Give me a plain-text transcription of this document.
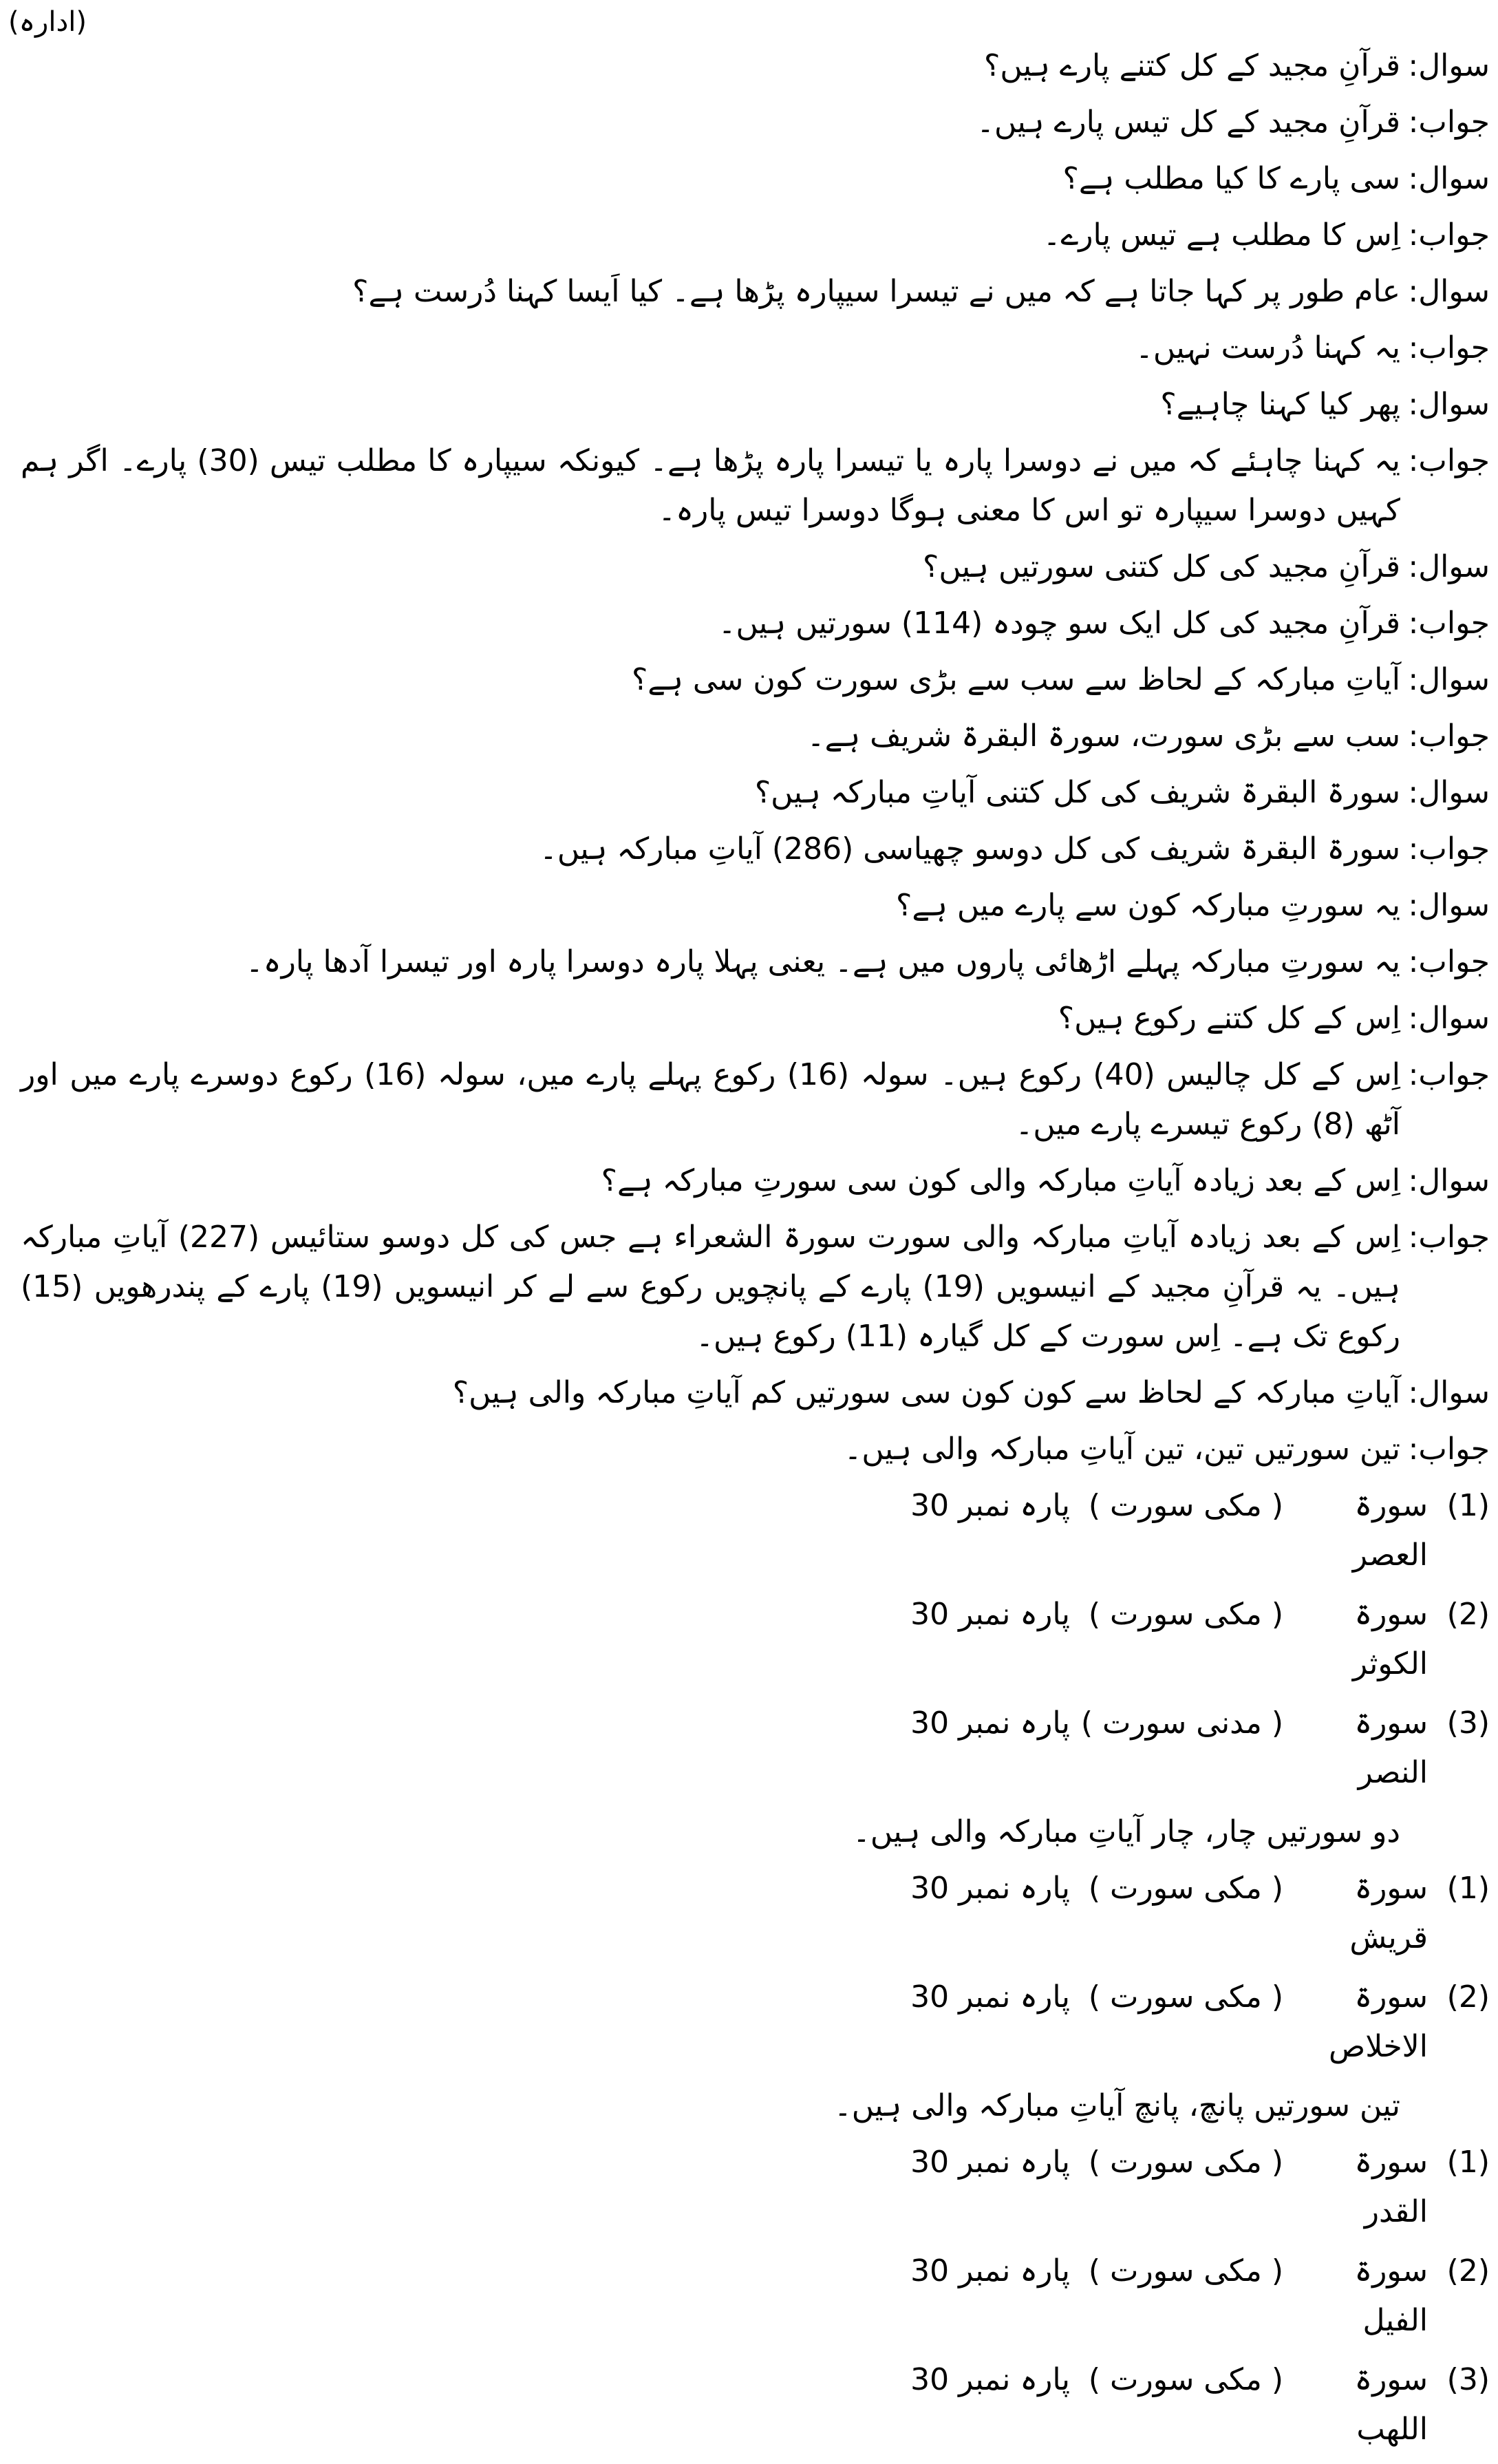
(ادارہ)
سوال:
قرآنِ مجید کے کل کتنے پارے ہیں؟
جواب:
قرآنِ مجید کے کل تیس پارے ہیں۔
سوال:
سی پارے کا کیا مطلب ہے؟
جواب:
اِس کا مطلب ہے تیس پارے۔
سوال:
عام طور پر کہا جاتا ہے کہ میں نے تیسرا سیپارہ پڑھا ہے۔ کیا اَیسا کہنا دُرست ہے؟
جواب:
یہ کہنا دُرست نہیں۔
سوال:
پھر کیا کہنا چاہیے؟
جواب:
یہ کہنا چاہئے کہ میں نے دوسرا پارہ یا تیسرا پارہ پڑھا ہے۔ کیونکہ سیپارہ کا مطلب تیس (30) پارے۔ اگر ہم کہیں دوسرا سیپارہ تو اس کا معنی ہوگا دوسرا تیس پارہ۔
سوال:
قرآنِ مجید کی کل کتنی سورتیں ہیں؟
جواب:
قرآنِ مجید کی کل ایک سو چودہ (114) سورتیں ہیں۔
سوال:
آیاتِ مبارکہ کے لحاظ سے سب سے بڑی سورت کون سی ہے؟
جواب:
سب سے بڑی سورت، سورۃ البقرۃ شریف ہے۔
سوال:
سورۃ البقرۃ شریف کی کل کتنی آیاتِ مبارکہ ہیں؟
جواب:
سورۃ البقرۃ شریف کی کل دوسو چھیاسی (286) آیاتِ مبارکہ ہیں۔
سوال:
یہ سورتِ مبارکہ کون سے پارے میں ہے؟
جواب:
یہ سورتِ مبارکہ پہلے اڑھائی پاروں میں ہے۔ یعنی پہلا پارہ دوسرا پارہ اور تیسرا آدھا پارہ۔
سوال:
اِس کے کل کتنے رکوع ہیں؟
جواب:
اِس کے کل چالیس (40) رکوع ہیں۔ سولہ (16) رکوع پہلے پارے میں، سولہ (16) رکوع دوسرے پارے میں اور آٹھ (8) رکوع تیسرے پارے میں۔
سوال:
اِس کے بعد زیادہ آیاتِ مبارکہ والی کون سی سورتِ مبارکہ ہے؟
جواب:
اِس کے بعد زیادہ آیاتِ مبارکہ والی سورت سورۃ الشعراء ہے جس کی کل دوسو ستائیس (227) آیاتِ مبارکہ ہیں۔ یہ قرآنِ مجید کے انیسویں (19) پارے کے پانچویں رکوع سے لے کر انیسویں (19) پارے کے پندرھویں (15) رکوع تک ہے۔ اِس سورت کے کل گیارہ (11) رکوع ہیں۔
سوال:
آیاتِ مبارکہ کے لحاظ سے کون کون سی سورتیں کم آیاتِ مبارکہ والی ہیں؟
جواب:
تین سورتیں تین، تین آیاتِ مبارکہ والی ہیں۔
(1)
سورۃ العصر
( مکی سورت )
پارہ نمبر 30
(2)
سورۃ الکوثر
( مکی سورت )
پارہ نمبر 30
(3)
سورۃ النصر
( مدنی سورت )
پارہ نمبر 30
دو سورتیں چار، چار آیاتِ مبارکہ والی ہیں۔
(1)
سورۃ قریش
( مکی سورت )
پارہ نمبر 30
(2)
سورۃ الاخلاص
( مکی سورت )
پارہ نمبر 30
تین سورتیں پانچ، پانچ آیاتِ مبارکہ والی ہیں۔
(1)
سورۃ القدر
( مکی سورت )
پارہ نمبر 30
(2)
سورۃ الفیل
( مکی سورت )
پارہ نمبر 30
(3)
سورۃ اللھب
( مکی سورت )
پارہ نمبر 30
